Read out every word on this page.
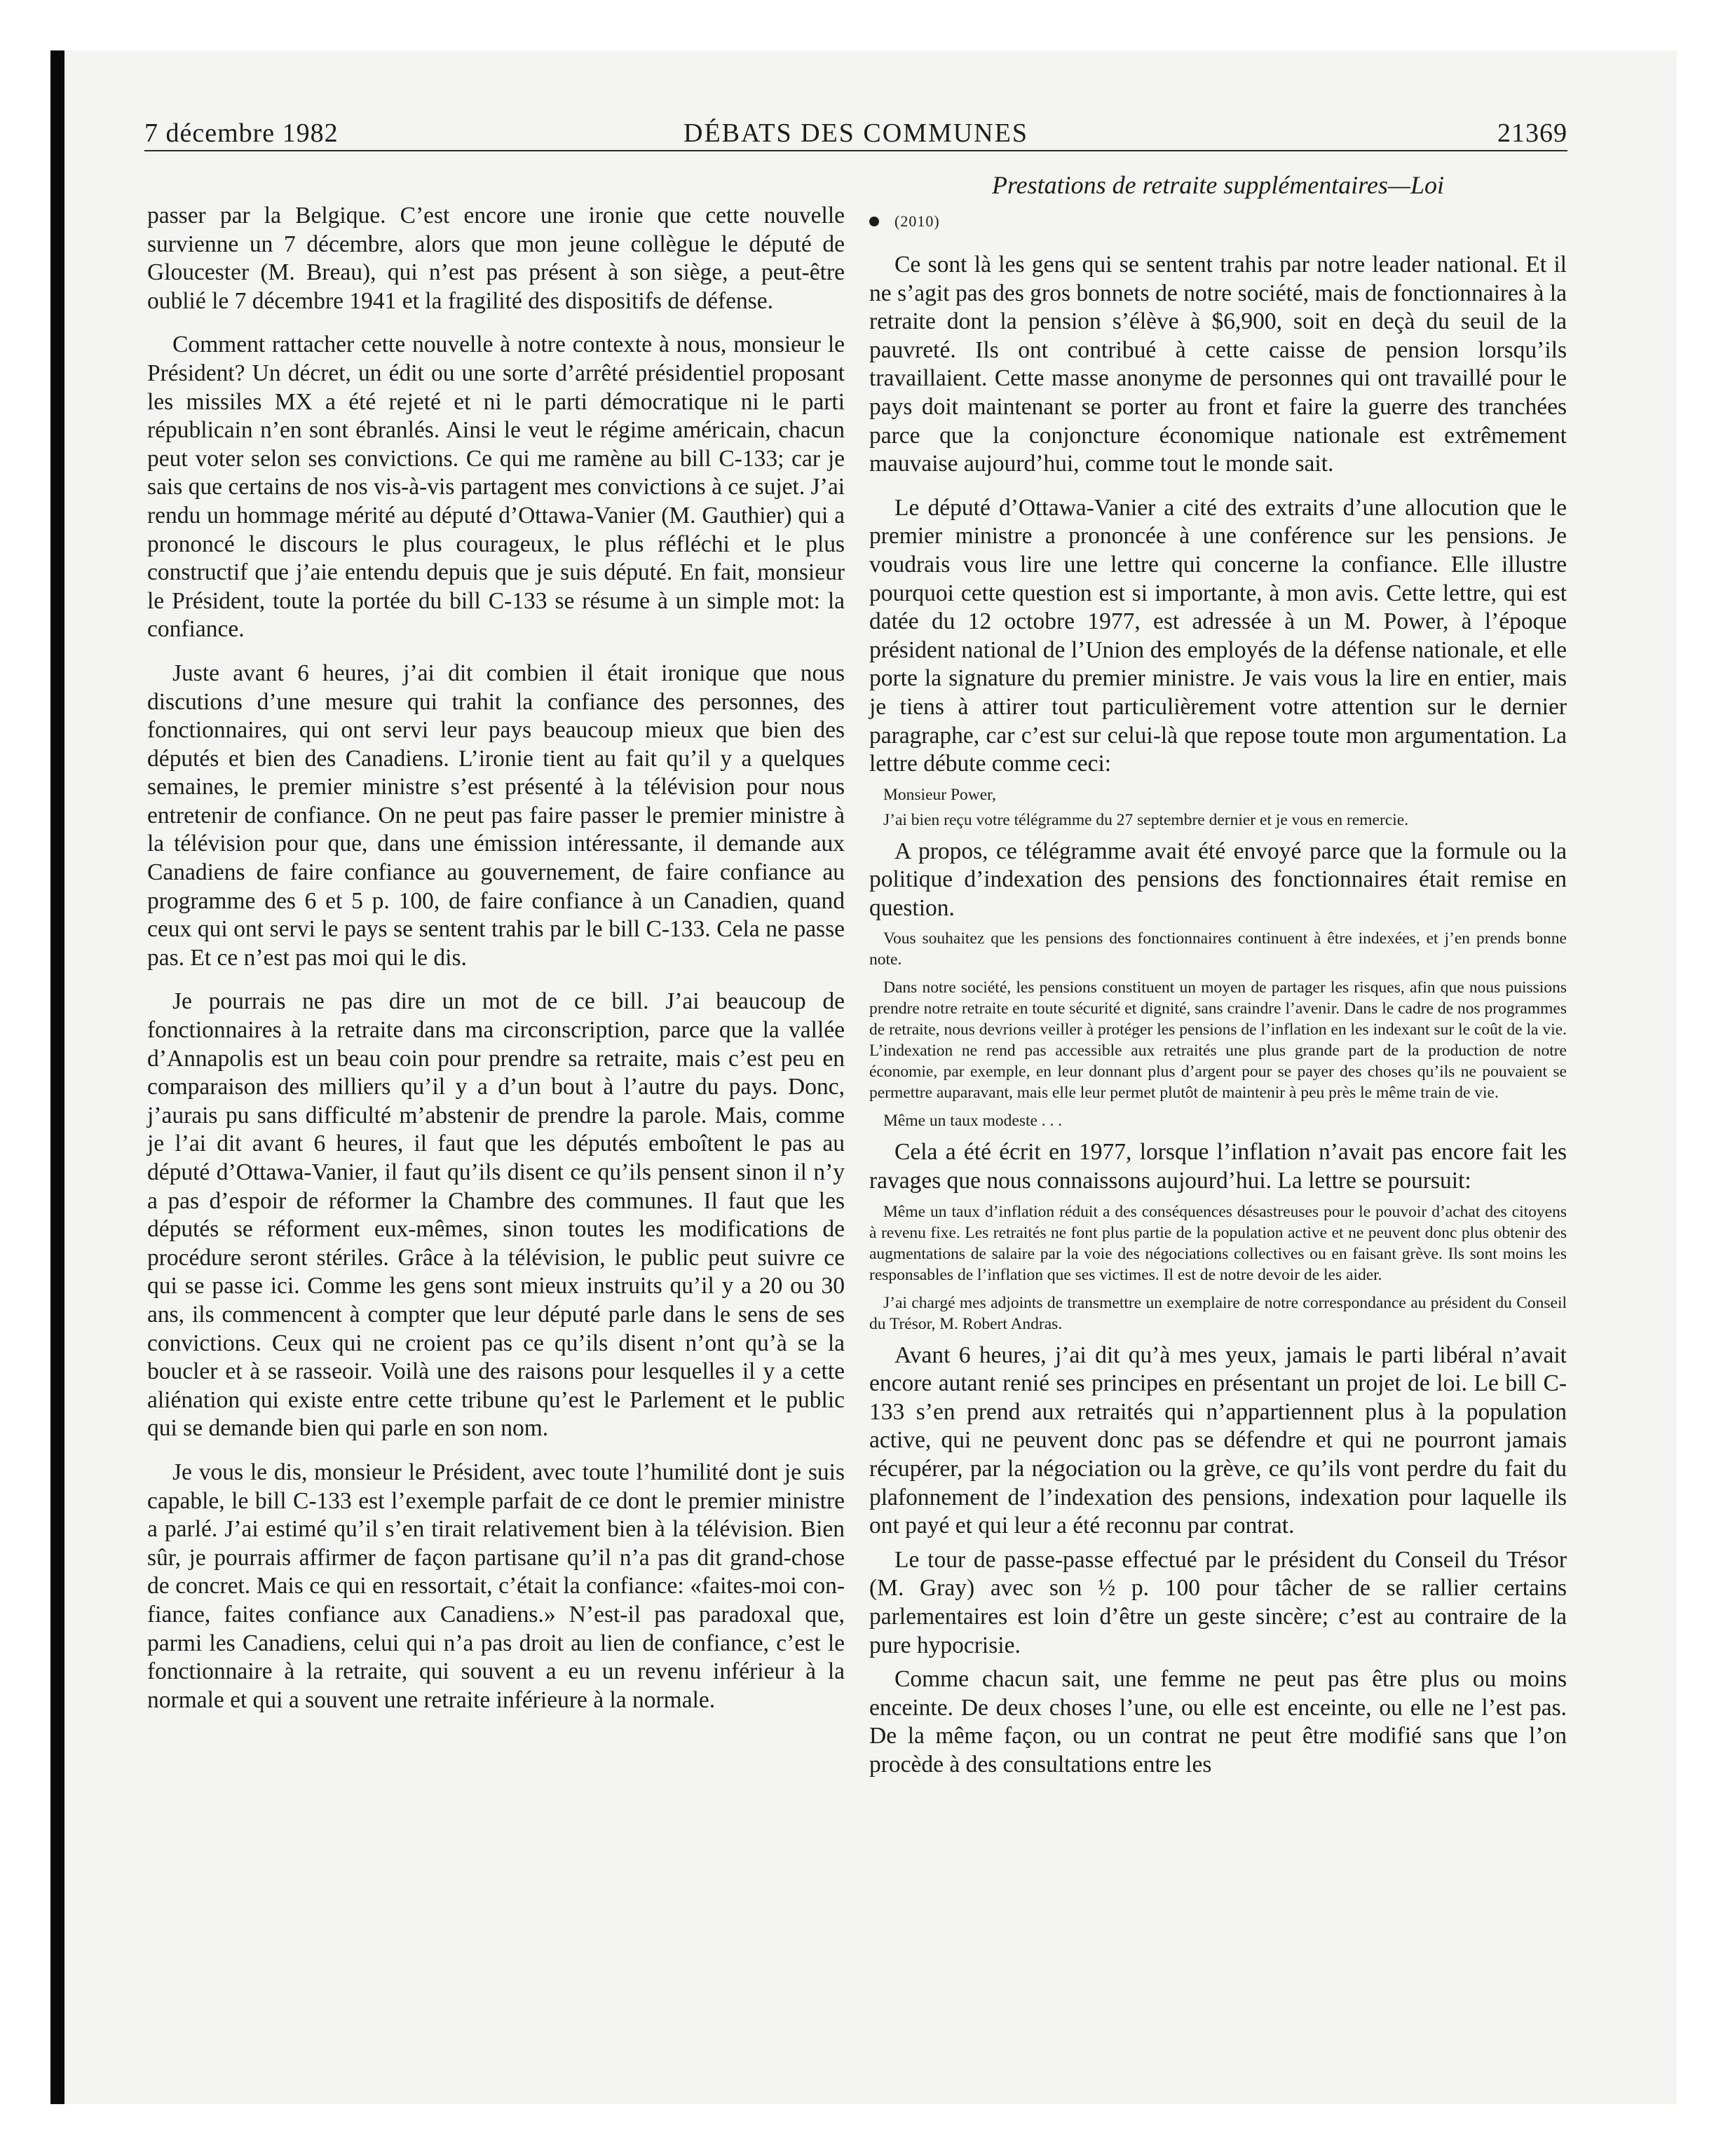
7 décembre 1982	DÉBATS DES COMMUNES	21369

passer par la Belgique. C’est encore une ironie que cette nouvelle survienne un 7 décembre, alors que mon jeune collègue le député de Gloucester (M. Breau), qui n’est pas présent à son siège, a peut-être oublié le 7 décembre 1941 et la fragilité des dispositifs de défense.

Comment rattacher cette nouvelle à notre contexte à nous, monsieur le Président? Un décret, un édit ou une sorte d’arrêté présidentiel proposant les missiles MX a été rejeté et ni le parti démocratique ni le parti républicain n’en sont ébranlés. Ainsi le veut le régime américain, chacun peut voter selon ses convictions. Ce qui me ramène au bill C-133; car je sais que certains de nos vis-à-vis partagent mes convictions à ce sujet. J’ai rendu un hommage mérité au député d’Ottawa-Vanier (M. Gauthier) qui a prononcé le discours le plus courageux, le plus réfléchi et le plus constructif que j’aie entendu depuis que je suis député. En fait, monsieur le Président, toute la portée du bill C-133 se résume à un simple mot: la confiance.

Juste avant 6 heures, j’ai dit combien il était ironique que nous discutions d’une mesure qui trahit la confiance des personnes, des fonctionnaires, qui ont servi leur pays beaucoup mieux que bien des députés et bien des Canadiens. L’ironie tient au fait qu’il y a quelques semaines, le premier ministre s’est présenté à la télévision pour nous entretenir de confiance. On ne peut pas faire passer le premier ministre à la télévision pour que, dans une émission intéressante, il demande aux Canadiens de faire confiance au gouvernement, de faire confiance au programme des 6 et 5 p. 100, de faire confiance à un Canadien, quand ceux qui ont servi le pays se sentent trahis par le bill C-133. Cela ne passe pas. Et ce n’est pas moi qui le dis.

Je pourrais ne pas dire un mot de ce bill. J’ai beaucoup de fonctionnaires à la retraite dans ma circonscription, parce que la vallée d’Annapolis est un beau coin pour prendre sa retraite, mais c’est peu en comparaison des milliers qu’il y a d’un bout à l’autre du pays. Donc, j’aurais pu sans difficulté m’abstenir de prendre la parole. Mais, comme je l’ai dit avant 6 heures, il faut que les députés emboîtent le pas au député d’Ottawa-Vanier, il faut qu’ils disent ce qu’ils pensent sinon il n’y a pas d’espoir de réformer la Chambre des communes. Il faut que les députés se réforment eux-mêmes, sinon toutes les modifications de procédure seront stériles. Grâce à la télévision, le public peut suivre ce qui se passe ici. Comme les gens sont mieux instruits qu’il y a 20 ou 30 ans, ils commencent à compter que leur député parle dans le sens de ses convictions. Ceux qui ne croient pas ce qu’ils disent n’ont qu’à se la boucler et à se rasseoir. Voilà une des raisons pour lesquelles il y a cette aliénation qui existe entre cette tribune qu’est le Parlement et le public qui se demande bien qui parle en son nom.

Je vous le dis, monsieur le Président, avec toute l’humilité dont je suis capable, le bill C-133 est l’exemple parfait de ce dont le premier ministre a parlé. J’ai estimé qu’il s’en tirait relativement bien à la télévision. Bien sûr, je pourrais affirmer de façon partisane qu’il n’a pas dit grand-chose de concret. Mais ce qui en ressortait, c’était la confiance: «faites-moi confiance, faites confiance aux Canadiens.» N’est-il pas paradoxal que, parmi les Canadiens, celui qui n’a pas droit au lien de confiance, c’est le fonctionnaire à la retraite, qui souvent a eu un revenu inférieur à la normale et qui a souvent une retraite inférieure à la normale.

Prestations de retraite supplémentaires—Loi
(2010)

Ce sont là les gens qui se sentent trahis par notre leader national. Et il ne s’agit pas des gros bonnets de notre société, mais de fonctionnaires à la retraite dont la pension s’élève à $6,900, soit en deçà du seuil de la pauvreté. Ils ont contribué à cette caisse de pension lorsqu’ils travaillaient. Cette masse anonyme de personnes qui ont travaillé pour le pays doit maintenant se porter au front et faire la guerre des tranchées parce que la conjoncture économique nationale est extrêmement mauvaise aujourd’hui, comme tout le monde sait.

Le député d’Ottawa-Vanier a cité des extraits d’une allocution que le premier ministre a prononcée à une conférence sur les pensions. Je voudrais vous lire une lettre qui concerne la confiance. Elle illustre pourquoi cette question est si importante, à mon avis. Cette lettre, qui est datée du 12 octobre 1977, est adressée à un M. Power, à l’époque président national de l’Union des employés de la défense nationale, et elle porte la signature du premier ministre. Je vais vous la lire en entier, mais je tiens à attirer tout particulièrement votre attention sur le dernier paragraphe, car c’est sur celui-là que repose toute mon argumentation. La lettre débute comme ceci:

Monsieur Power,
J’ai bien reçu votre télégramme du 27 septembre dernier et je vous en remercie.

A propos, ce télégramme avait été envoyé parce que la formule ou la politique d’indexation des pensions des fonctionnaires était remise en question.

Vous souhaitez que les pensions des fonctionnaires continuent à être indexées, et j’en prends bonne note.
Dans notre société, les pensions constituent un moyen de partager les risques, afin que nous puissions prendre notre retraite en toute sécurité et dignité, sans craindre l’avenir. Dans le cadre de nos programmes de retraite, nous devrions veiller à protéger les pensions de l’inflation en les indexant sur le coût de la vie. L’indexation ne rend pas accessible aux retraités une plus grande part de la production de notre économie, par exemple, en leur donnant plus d’argent pour se payer des choses qu’ils ne pouvaient se permettre auparavant, mais elle leur permet plutôt de maintenir à peu près le même train de vie.
Même un taux modeste . . .

Cela a été écrit en 1977, lorsque l’inflation n’avait pas encore fait les ravages que nous connaissons aujourd’hui. La lettre se poursuit:

Même un taux d’inflation réduit a des conséquences désastreuses pour le pouvoir d’achat des citoyens à revenu fixe. Les retraités ne font plus partie de la population active et ne peuvent donc plus obtenir des augmentations de salaire par la voie des négociations collectives ou en faisant grève. Ils sont moins les responsables de l’inflation que ses victimes. Il est de notre devoir de les aider.
J’ai chargé mes adjoints de transmettre un exemplaire de notre correspondance au président du Conseil du Trésor, M. Robert Andras.

Avant 6 heures, j’ai dit qu’à mes yeux, jamais le parti libéral n’avait encore autant renié ses principes en présentant un projet de loi. Le bill C-133 s’en prend aux retraités qui n’appartiennent plus à la population active, qui ne peuvent donc pas se défendre et qui ne pourront jamais récupérer, par la négociation ou la grève, ce qu’ils vont perdre du fait du plafonnement de l’indexation des pensions, indexation pour laquelle ils ont payé et qui leur a été reconnu par contrat.

Le tour de passe-passe effectué par le président du Conseil du Trésor (M. Gray) avec son ½ p. 100 pour tâcher de se rallier certains parlementaires est loin d’être un geste sincère; c’est au contraire de la pure hypocrisie.

Comme chacun sait, une femme ne peut pas être plus ou moins enceinte. De deux choses l’une, ou elle est enceinte, ou elle ne l’est pas. De la même façon, ou un contrat ne peut être modifié sans que l’on procède à des consultations entre les
